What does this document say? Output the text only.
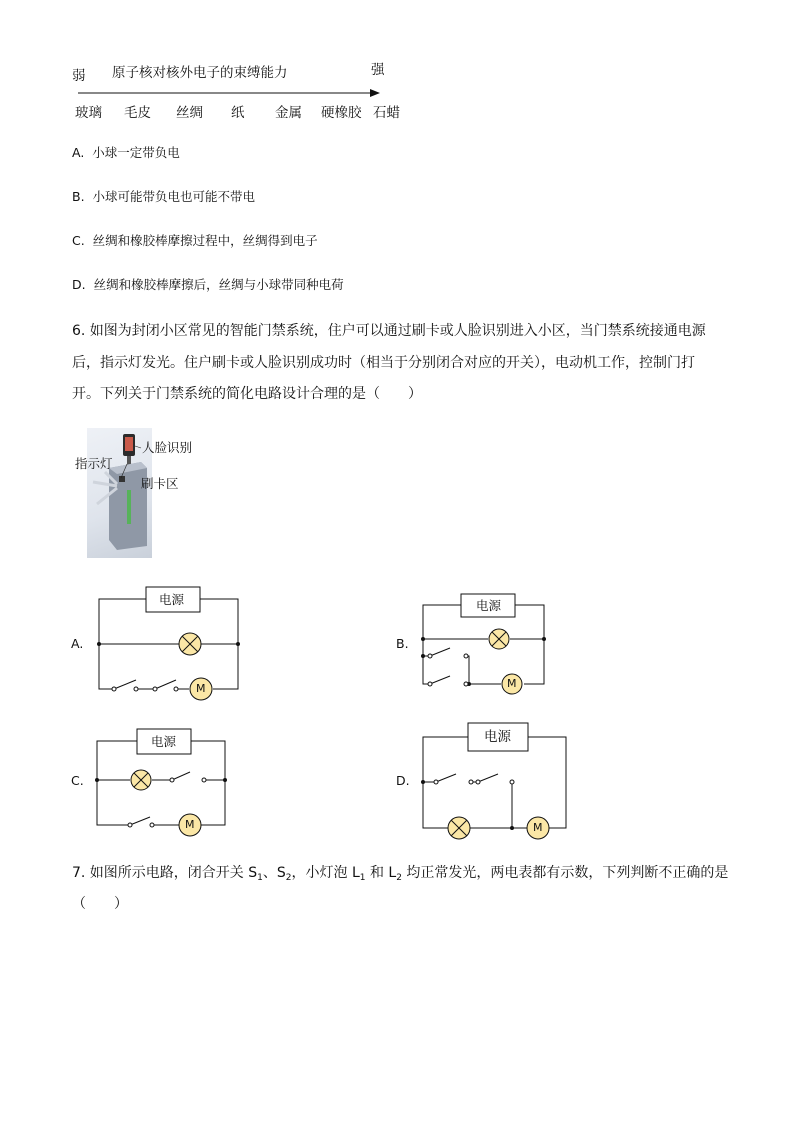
弱 原子核对核外电子的束缚能力	强
玻璃 毛皮 丝绸 纸 金属 硬橡胶 石蜡
A. 小球一定带负电
B. 小球可能带负电也可能不带电
C. 丝绸和橡胶棒摩擦过程中，丝绸得到电子
D. 丝绸和橡胶棒摩擦后，丝绸与小球带同种电荷
6. 如图为封闭小区常见的智能门禁系统，住户可以通过刷卡或人脸识别进入小区，当门禁系统接通电源
后，指示灯发光。住户刷卡或人脸识别成功时（相当于分别闭合对应的开关），电动机工作，控制门打
开。下列关于门禁系统的简化电路设计合理的是（　　）
人脸识别
指示灯
刷卡区
A.
电源
M
B.
电源
M
C.
电源
M
D.
电源
M
7. 如图所示电路，闭合开关 $S_1$、$S_2$，小灯泡 $L_1$ 和 $L_2$ 均正常发光，两电表都有示数，下列判断不正确的是
（　　）
